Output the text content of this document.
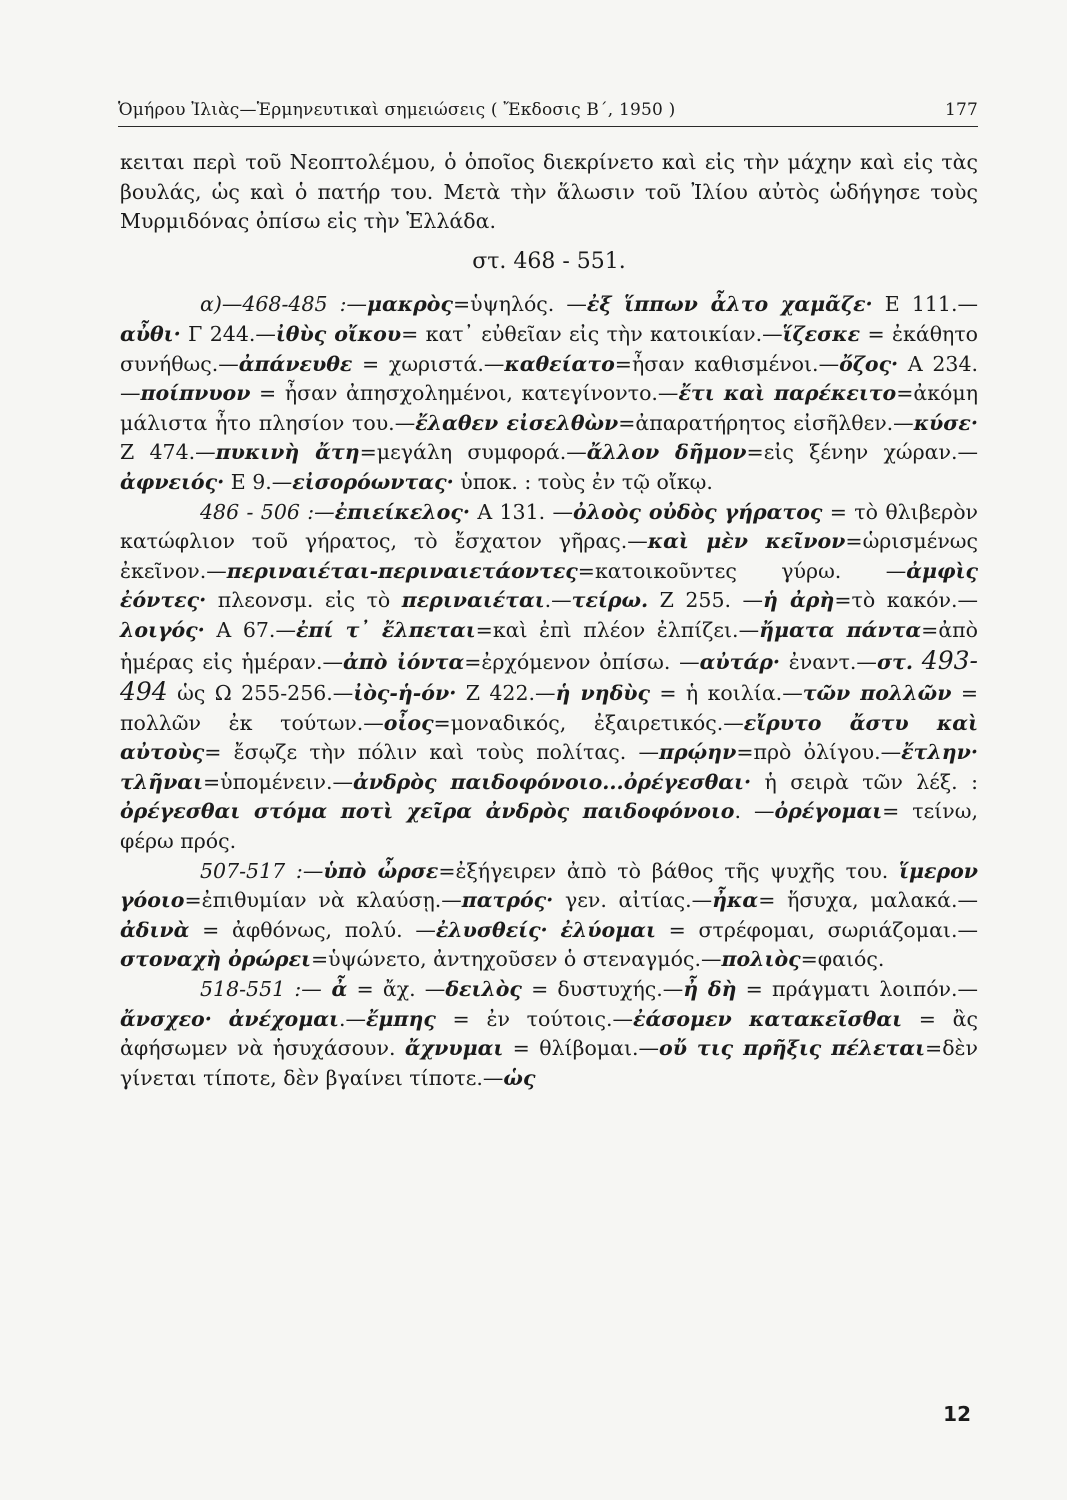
Ὁμήρου Ἰλιὰς—Ἑρμηνευτικαὶ σημειώσεις ( Ἔκδοσις Β΄, 1950 )	177

κειται περὶ τοῦ Νεοπτολέμου, ὁ ὁποῖος διεκρίνετο καὶ εἰς τὴν μάχην καὶ εἰς τὰς βουλάς, ὡς καὶ ὁ πατήρ του. Μετὰ τὴν ἅλωσιν τοῦ Ἰλίου αὐτὸς ὡδήγησε τοὺς Μυρμιδόνας ὀπίσω εἰς τὴν Ἑλλάδα.

στ. 468 - 551.

α)—468-485 :—μακρὸς=ὑψηλός. —ἐξ ἵππων ἆλτο χαμᾶζε· Ε 111.—αὖθι· Γ 244.—ἰθὺς οἴκου= κατ᾽ εὐθεῖαν εἰς τὴν κατοικίαν.—ἵζεσκε = ἐκάθητο συνήθως.—ἀπάνευθε = χωριστά.—καθείατο=ἦσαν καθισμένοι.—ὄζος· Α 234.—ποίπνυον = ἦσαν ἀπησχολημένοι, κατεγίνοντο.—ἔτι καὶ παρέκειτο=ἀκόμη μάλιστα ἦτο πλησίον του.—ἔλαθεν εἰσελθὼν=ἀπαρατήρητος εἰσῆλθεν.—κύσε· Ζ 474.—πυκινὴ ἄτη=μεγάλη συμφορά.—ἄλλον δῆμον=εἰς ξένην χώραν.—ἀφνειός· Ε 9.—εἰσορόωντας· ὑποκ. : τοὺς ἐν τῷ οἴκῳ.

486 - 506 :—ἐπιείκελος· Α 131. —ὀλοὸς οὐδὸς γήρατος = τὸ θλιβερὸν κατώφλιον τοῦ γήρατος, τὸ ἔσχατον γῆρας.—καὶ μὲν κεῖνον=ὡρισμένως ἐκεῖνον.—περιναιέται-περιναιετάοντες=κατοικοῦντες γύρω. —ἀμφὶς ἐόντες· πλεονσμ. εἰς τὸ περιναιέται.—τείρω. Ζ 255. —ἡ ἀρὴ=τὸ κακόν.—λοιγός· Α 67.—ἐπί τ᾽ ἔλπεται=καὶ ἐπὶ πλέον ἐλπίζει.—ἤματα πάντα=ἀπὸ ἡμέρας εἰς ἡμέραν.—ἀπὸ ἰόντα=ἐρχόμενον ὀπίσω. —αὐτάρ· ἐναντ.—στ. 493-494 ὡς Ω 255-256.—ἰὸς-ἡ-όν· Ζ 422.—ἡ νηδὺς = ἡ κοιλία.—τῶν πολλῶν = πολλῶν ἐκ τούτων.—οἶος=μοναδικός, ἐξαιρετικός.—εἴρυτο ἄστυ καὶ αὐτοὺς= ἔσῳζε τὴν πόλιν καὶ τοὺς πολίτας. —πρῴην=πρὸ ὀλίγου.—ἔτλην· τλῆναι=ὑπομένειν.—ἀνδρὸς παιδοφόνοιο...ὀρέγεσθαι· ἡ σειρὰ τῶν λέξ. : ὀρέγεσθαι στόμα ποτὶ χεῖρα ἀνδρὸς παιδοφόνοιο. —ὀρέγομαι= τείνω, φέρω πρός.

507-517 :—ὑπὸ ὦρσε=ἐξήγειρεν ἀπὸ τὸ βάθος τῆς ψυχῆς του. ἵμερον γόοιο=ἐπιθυμίαν νὰ κλαύσῃ.—πατρός· γεν. αἰτίας.—ἦκα= ἥσυχα, μαλακά.—ἀδινὰ = ἀφθόνως, πολύ. —ἐλυσθείς· ἐλύομαι = στρέφομαι, σωριάζομαι.—στοναχὴ ὀρώρει=ὑψώνετο, ἀντηχοῦσεν ὁ στεναγμός.—πολιὸς=φαιός.

518-551 :— ἆ = ἄχ. —δειλὸς = δυστυχής.—ἦ δὴ = πράγματι λοιπόν.—ἄνσχεο· ἀνέχομαι.—ἔμπης = ἐν τούτοις.—ἐάσομεν κατακεῖσθαι = ἂς ἀφήσωμεν νὰ ἡσυχάσουν. ἄχνυμαι = θλίβομαι.—οὔ τις πρῆξις πέλεται=δὲν γίνεται τίποτε, δὲν βγαίνει τίποτε.—ὡς

12
